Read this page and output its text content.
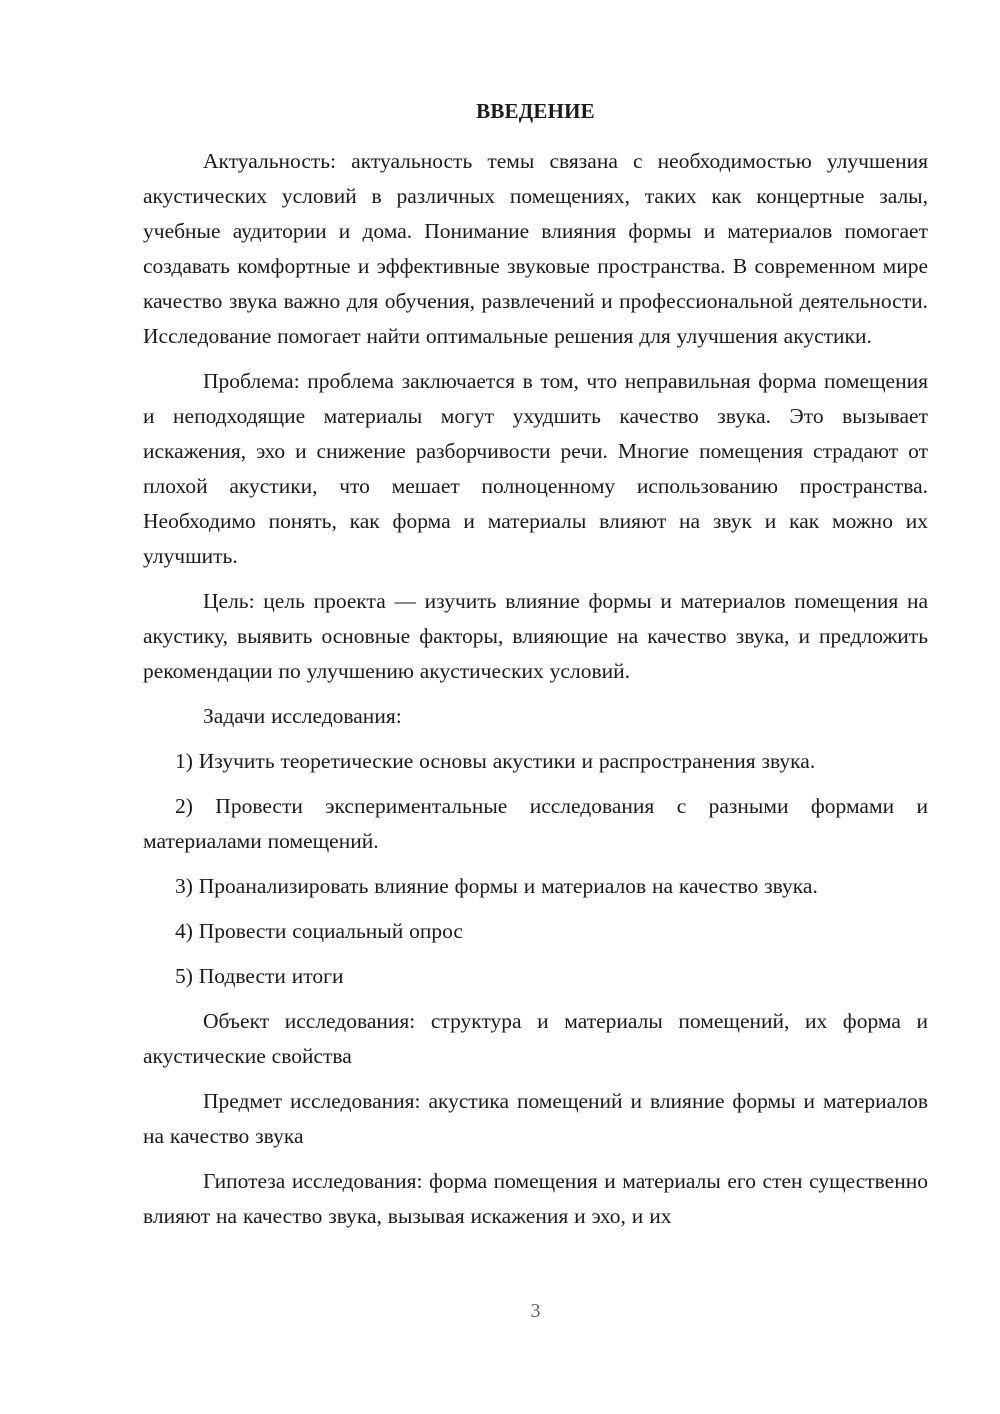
ВВЕДЕНИЕ

Актуальность: актуальность темы связана с необходимостью улучшения акустических условий в различных помещениях, таких как концертные залы, учебные аудитории и дома. Понимание влияния формы и материалов помогает создавать комфортные и эффективные звуковые пространства. В современном мире качество звука важно для обучения, развлечений и профессиональной деятельности. Исследование помогает найти оптимальные решения для улучшения акустики.

Проблема: проблема заключается в том, что неправильная форма помещения и неподходящие материалы могут ухудшить качество звука. Это вызывает искажения, эхо и снижение разборчивости речи. Многие помещения страдают от плохой акустики, что мешает полноценному использованию пространства. Необходимо понять, как форма и материалы влияют на звук и как можно их улучшить.

Цель: цель проекта — изучить влияние формы и материалов помещения на акустику, выявить основные факторы, влияющие на качество звука, и предложить рекомендации по улучшению акустических условий.

Задачи исследования:

1) Изучить теоретические основы акустики и распространения звука.

2) Провести экспериментальные исследования с разными формами и материалами помещений.

3) Проанализировать влияние формы и материалов на качество звука.

4) Провести социальный опрос

5) Подвести итоги

Объект исследования: структура и материалы помещений, их форма и акустические свойства

Предмет исследования: акустика помещений и влияние формы и материалов на качество звука

Гипотеза исследования: форма помещения и материалы его стен существенно влияют на качество звука, вызывая искажения и эхо, и их

3
